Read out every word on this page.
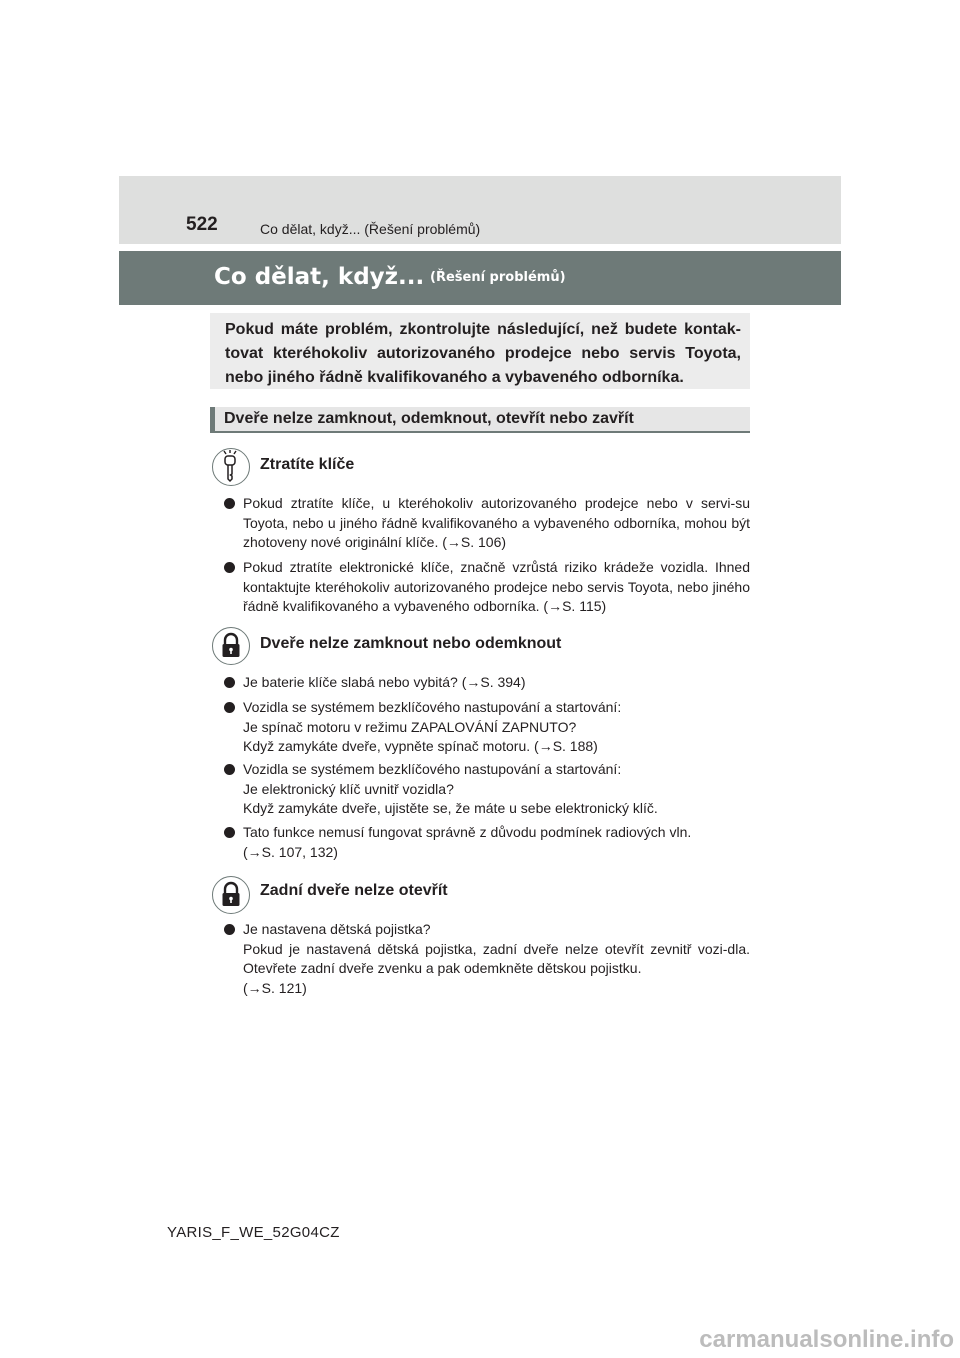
522	Co dělat, když... (Řešení problémů)
Co dělat, když... (Řešení problémů)
Pokud máte problém, zkontrolujte následující, než budete kontak-tovat kteréhokoliv autorizovaného prodejce nebo servis Toyota, nebo jiného řádně kvalifikovaného a vybaveného odborníka.
Dveře nelze zamknout, odemknout, otevřít nebo zavřít
Ztratíte klíče
Pokud ztratíte klíče, u kteréhokoliv autorizovaného prodejce nebo v servi-su Toyota, nebo u jiného řádně kvalifikovaného a vybaveného odborníka, mohou být zhotoveny nové originální klíče. (→S. 106)
Pokud ztratíte elektronické klíče, značně vzrůstá riziko krádeže vozidla. Ihned kontaktujte kteréhokoliv autorizovaného prodejce nebo servis Toyota, nebo jiného řádně kvalifikovaného a vybaveného odborníka. (→S. 115)
Dveře nelze zamknout nebo odemknout
Je baterie klíče slabá nebo vybitá? (→S. 394)
Vozidla se systémem bezklíčového nastupování a startování:
Je spínač motoru v režimu ZAPALOVÁNÍ ZAPNUTO?
Když zamykáte dveře, vypněte spínač motoru. (→S. 188)
Vozidla se systémem bezklíčového nastupování a startování:
Je elektronický klíč uvnitř vozidla?
Když zamykáte dveře, ujistěte se, že máte u sebe elektronický klíč.
Tato funkce nemusí fungovat správně z důvodu podmínek radiových vln.
(→S. 107, 132)
Zadní dveře nelze otevřít
Je nastavena dětská pojistka?
Pokud je nastavená dětská pojistka, zadní dveře nelze otevřít zevnitř vozi-dla. Otevřete zadní dveře zvenku a pak odemkněte dětskou pojistku.
(→S. 121)
YARIS_F_WE_52G04CZ
carmanualsonline.info
